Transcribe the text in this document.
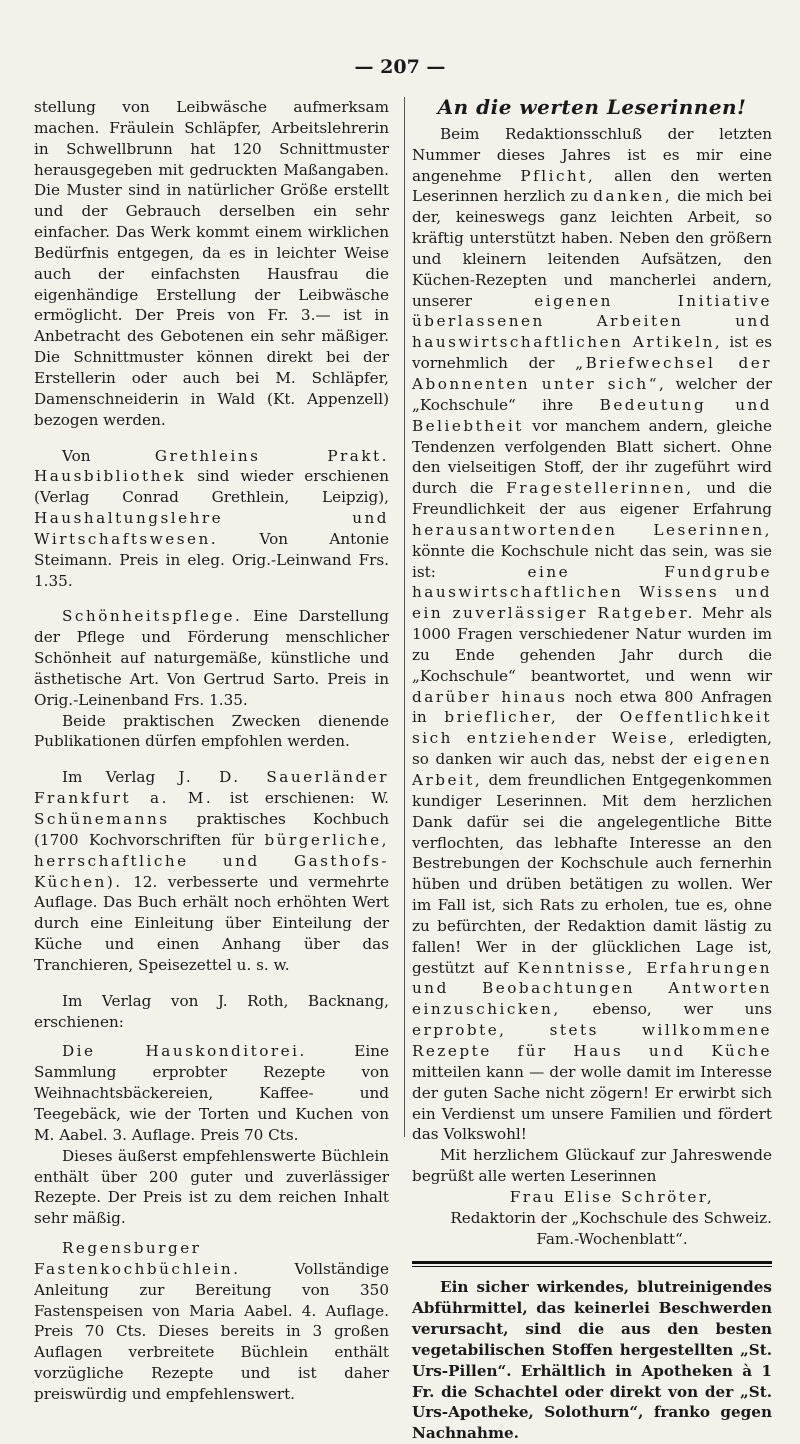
— 207 —

stellung von Leibwäsche aufmerksam machen. Fräulein Schläpfer, Arbeitslehrerin in Schwellbrunn hat 120 Schnittmuster herausgegeben mit gedruckten Maßangaben. Die Muster sind in natürlicher Größe erstellt und der Gebrauch derselben ein sehr einfacher. Das Werk kommt einem wirklichen Bedürfnis entgegen, da es in leichter Weise auch der einfachsten Hausfrau die eigenhändige Erstellung der Leibwäsche ermöglicht. Der Preis von Fr. 3.— ist in Anbetracht des Gebotenen ein sehr mäßiger. Die Schnittmuster können direkt bei der Erstellerin oder auch bei M. Schläpfer, Damenschneiderin in Wald (Kt. Appenzell) bezogen werden.

Von	Grethleins Prakt. Hausbibliothek sind wieder erschienen (Verlag Conrad Grethlein, Leipzig), Haushaltungslehre und Wirtschaftswesen.	Von Antonie Steimann. Preis in eleg. Orig.-Leinwand Frs. 1.35.

Schönheitspflege. Eine Darstellung der Pflege und Förderung menschlicher Schönheit auf naturgemäße, künstliche und ästhetische Art. Von Gertrud Sarto. Preis in Orig.-Leinenband Frs. 1.35.

Beide praktischen Zwecken dienende Publikationen dürfen empfohlen werden.

Im Verlag J. D. Sauerländer Frankfurt a. M. ist erschienen: W. Schünemanns praktisches Kochbuch (1700 Kochvorschriften für bürgerliche, herrschaftliche und Gasthofs-Küchen). 12. verbesserte und vermehrte Auflage. Das Buch erhält noch erhöhten Wert durch eine Einleitung über Einteilung der Küche und einen Anhang über das Tranchieren, Speisezettel u. s. w.

Im Verlag von J. Roth, Backnang, erschienen:

Die Hauskonditorei.	Eine Sammlung erprobter Rezepte von Weihnachtsbäckereien, Kaffee- und Teegebäck, wie der Torten und Kuchen von M. Aabel. 3. Auflage. Preis 70 Cts.

Dieses äußerst empfehlenswerte Büchlein enthält über 200 guter und zuverlässiger Rezepte. Der Preis ist zu dem reichen Inhalt sehr mäßig.

Regensburger Fastenkochbüchlein.	Vollständige Anleitung zur Bereitung von 350 Fastenspeisen von Maria Aabel. 4. Auflage. Preis 70 Cts. Dieses bereits in 3 großen Auflagen verbreitete Büchlein enthält vorzügliche Rezepte und ist daher preiswürdig und empfehlenswert.

An die werten Leserinnen!

Beim Redaktionsschluß der letzten Nummer dieses Jahres ist es mir eine angenehme Pflicht, allen den werten Leserinnen herzlich zu danken, die mich bei der, keineswegs ganz leichten Arbeit, so kräftig unterstützt haben. Neben den größern und kleinern leitenden Aufsätzen, den Küchen-Rezepten und mancherlei andern, unserer	eigenen Initiative überlassenen Arbeiten und hauswirtschaftlichen Artikeln, ist es vornehmlich der „Briefwechsel der Abonnenten unter sich“, welcher der „Kochschule“ ihre Bedeutung und Beliebtheit vor manchem andern, gleiche Tendenzen verfolgenden Blatt sichert. Ohne den vielseitigen Stoff, der ihr zugeführt wird durch die Fragestellerinnen, und die Freundlichkeit der aus eigener Erfahrung herausantwortenden Leserinnen, könnte die Kochschule nicht das sein, was sie ist:	eine Fundgrube hauswirtschaftlichen Wissens und ein zuverlässiger Ratgeber. Mehr als 1000 Fragen verschiedener Natur wurden im zu Ende gehenden Jahr durch die „Kochschule“ beantwortet, und wenn wir darüber hinaus noch etwa 800 Anfragen in brieflicher, der Oeffentlichkeit sich entziehender Weise, erledigten, so danken wir auch das, nebst der eigenen Arbeit, dem freundlichen Entgegenkommen kundiger Leserinnen. Mit dem herzlichen Dank dafür sei die angelegentliche Bitte verflochten, das lebhafte Interesse an den Bestrebungen der Kochschule auch fernerhin hüben und drüben betätigen zu wollen. Wer im Fall ist, sich Rats zu erholen, tue es, ohne zu befürchten, der Redaktion damit lästig zu fallen! Wer in der glücklichen Lage ist, gestützt auf Kenntnisse, Erfahrungen und Beobachtungen Antworten einzuschicken, ebenso, wer uns erprobte, stets willkommene Rezepte für Haus und Küche mitteilen kann — der wolle damit im Interesse der guten Sache nicht zögern! Er erwirbt sich ein Verdienst um unsere Familien und fördert das Volkswohl!

Mit herzlichem Glückauf zur Jahreswende begrüßt alle werten Leserinnen

Frau Elise Schröter,

Redaktorin der „Kochschule des Schweiz.

Fam.-Wochenblatt“.

Ein sicher wirkendes, blutreinigendes Abführmittel, das keinerlei Beschwerden verursacht, sind die aus den besten vegetabilischen Stoffen hergestellten „St. Urs-Pillen“. Erhältlich in Apotheken à 1 Fr. die Schachtel oder direkt von der „St. Urs-Apotheke, Solothurn“, franko gegen Nachnahme.
